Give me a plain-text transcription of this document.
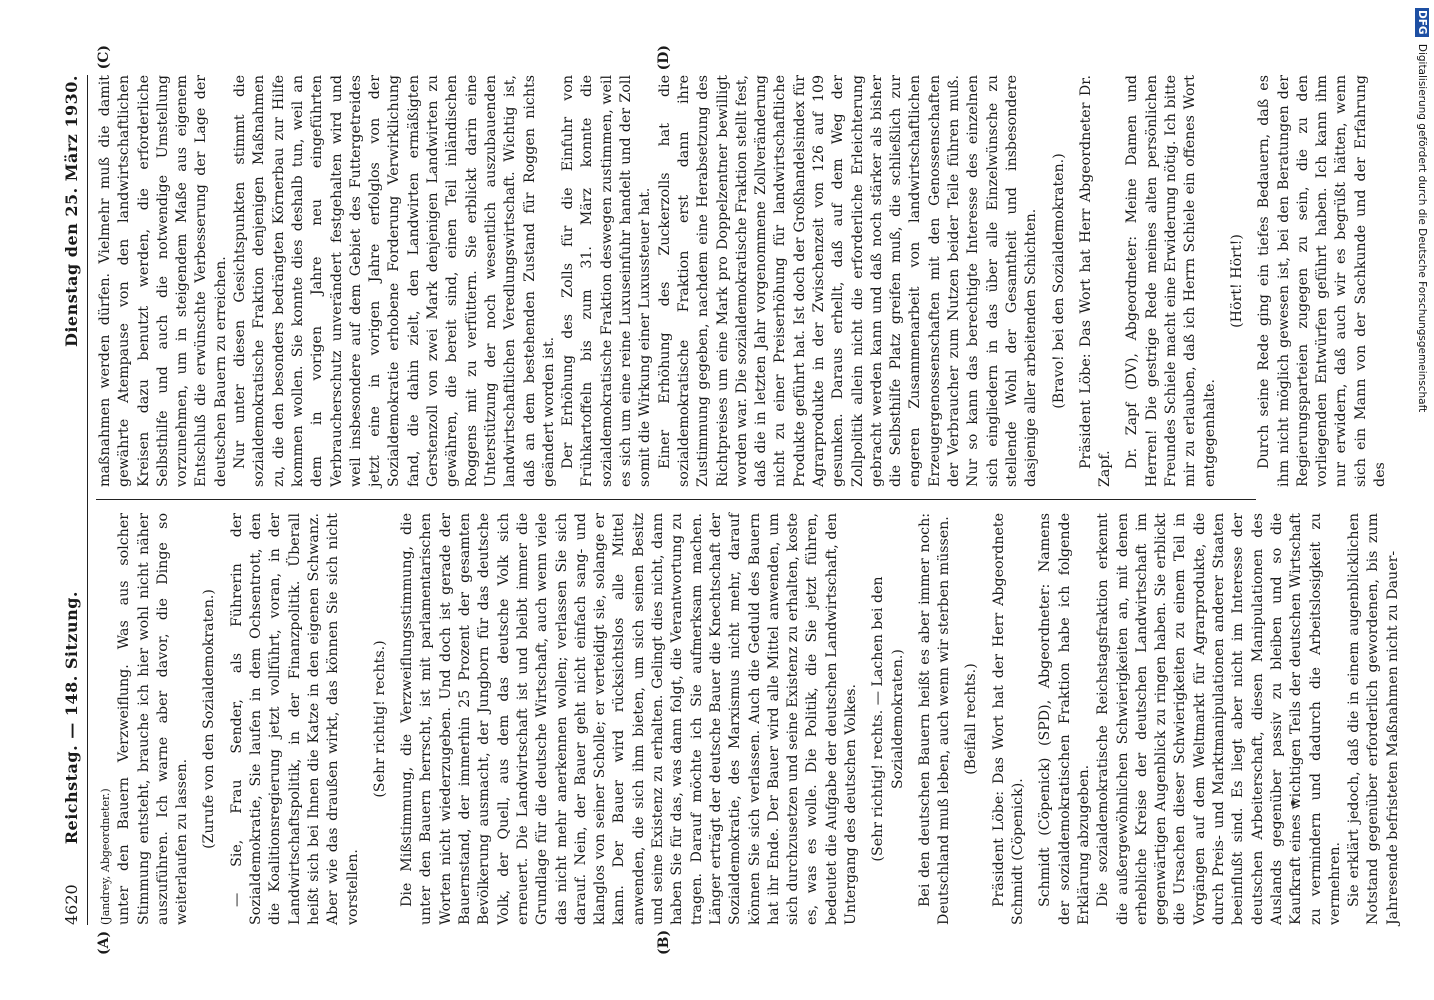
DFG Digitalisierung gefördert durch die Deutsche Forschungsgemeinschaft
4620
Reichstag. — 148. Sitzung.
Dienstag den 25. März 1930.
(A)	(B)
(C)	(D)

(Jandrey, Abgeordneter.) unter den Bauern Verzweiflung. Was aus solcher Stimmung entsteht, brauche ich hier wohl nicht näher auszuführen. Ich warne aber davor, die Dinge so weiterlaufen zu lassen. (Zurufe von den Sozialdemokraten.) — Sie, Frau Sender, als Führerin der Sozialdemokratie, Sie laufen in dem Ochsentrott, den die Koalitionsregierung jetzt vollführt, voran, in der Landwirtschaftspolitik, in der Finanzpolitik. Überall heißt sich bei Ihnen die Katze in den eigenen Schwanz. Aber wie das draußen wirkt, das können Sie sich nicht vorstellen.

(Sehr richtig! rechts.) Die Mißstimmung, die Verzweiflungsstimmung, die unter den Bauern herrscht, ist mit parlamentarischen Worten nicht wiederzugeben. Und doch ist gerade der Bauernstand, der immerhin 25 Prozent der gesamten Bevölkerung ausmacht, der Jungborn für das deutsche Volk, der Quell, aus dem das deutsche Volk sich erneuert. Die Landwirtschaft ist und bleibt immer die Grundlage für die deutsche Wirtschaft, auch wenn viele das nicht mehr anerkennen wollen; verlassen Sie sich darauf. Nein, der Bauer geht nicht einfach sang- und klanglos von seiner Scholle; er verteidigt sie, solange er kann. Der Bauer wird rücksichtslos alle Mittel anwenden, die sich ihm bieten, um sich seinen Besitz und seine Existenz zu erhalten. Gelingt dies nicht, dann haben Sie für das, was dann folgt, die Verantwortung zu tragen. Darauf möchte ich Sie aufmerksam machen. Länger erträgt der deutsche Bauer die Knechtschaft der Sozialdemokratie, des Marxismus nicht mehr, darauf können Sie sich verlassen. Auch die Geduld des Bauern hat ihr Ende. Der Bauer wird alle Mittel anwenden, um sich durchzusetzen und seine Existenz zu erhalten, koste es, was es wolle. Die Politik, die Sie jetzt führen, bedeutet die Aufgabe der deutschen Landwirtschaft, den Untergang des deutschen Volkes. (Sehr richtig! rechts. — Lachen bei den Sozialdemokraten.) Bei den deutschen Bauern heißt es aber immer noch: Deutschland muß leben, auch wenn wir sterben müssen. (Beifall rechts.) Präsident Löbe: Das Wort hat der Herr Abgeordnete Schmidt (Cöpenick). Schmidt (Cöpenick) (SPD), Abgeordneter: Namens der sozialdemokratischen Fraktion habe ich folgende Erklärung abzugeben. Die sozialdemokratische Reichstagsfraktion erkennt die außergewöhnlichen Schwierigkeiten an, mit denen erhebliche Kreise der deutschen Landwirtschaft im gegenwärtigen Augenblick zu ringen haben. Sie erblickt die Ursachen dieser Schwierigkeiten zu einem Teil in Vorgängen auf dem Weltmarkt für Agrarprodukte, die durch Preis- und Marktmanipulationen anderer Staaten beeinflußt sind. Es liegt aber nicht im Interesse der deutschen Arbeiterschaft, diesen Manipulationen des Auslands gegenüber passiv zu bleiben und so die Kaufkraft eines wichtigen Teils der deutschen Wirtschaft zu vermindern und dadurch die Arbeitslosigkeit zu vermehren. Sie erklärt jedoch, daß die in einem augenblicklichen Notstand gegenüber erforderlich gewordenen, bis zum Jahresende befristeten Maßnahmen nicht zu Dauer-

maßnahmen werden dürfen. Vielmehr muß die damit gewährte Atempause von den landwirtschaftlichen Kreisen dazu benutzt werden, die erforderliche Selbsthilfe und auch die notwendige Umstellung vorzunehmen, um in steigendem Maße aus eigenem Entschluß die erwünschte Verbesserung der Lage der deutschen Bauern zu erreichen. Nur unter diesen Gesichtspunkten stimmt die sozialdemokratische Fraktion denjenigen Maßnahmen zu, die den besonders bedrängten Körnerbau zur Hilfe kommen wollen. Sie konnte dies deshalb tun, weil an dem in vorigen Jahre neu eingeführten Verbraucherschutz unverändert festgehalten wird und weil insbesondere auf dem Gebiet des Futtergetreides jetzt eine in vorigen Jahre erfolglos von der Sozialdemokratie erhobene Forderung Verwirklichung fand, die dahin zielt, den Landwirten ermäßigten Gerstenzoll von zwei Mark denjenigen Landwirten zu gewähren, die bereit sind, einen Teil inländischen Roggens mit zu verfüttern. Sie erblickt darin eine Unterstützung der noch wesentlich auszubauenden landwirtschaftlichen Veredlungswirtschaft. Wichtig ist, daß an dem bestehenden Zustand für Roggen nichts geändert worden ist. Der Erhöhung des Zolls für die Einfuhr von Frühkartoffeln bis zum 31. März konnte die sozialdemokratische Fraktion deswegen zustimmen, weil es sich um eine reine Luxuseinfuhr handelt und der Zoll somit die Wirkung einer Luxussteuer hat. Einer Erhöhung des Zuckerzolls hat die sozialdemokratische Fraktion erst dann ihre Zustimmung gegeben, nachdem eine Herabsetzung des Richtpreises um eine Mark pro Doppelzentner bewilligt worden war. Die sozialdemokratische Fraktion stellt fest, daß die in letzten Jahr vorgenommene Zollveränderung nicht zu einer Preiserhöhung für landwirtschaftliche Produkte geführt hat. Ist doch der Großhandelsindex für Agrarprodukte in der Zwischenzeit von 126 auf 109 gesunken. Daraus erhellt, daß auf dem Weg der Zollpolitik allein nicht die erforderliche Erleichterung gebracht werden kann und daß noch stärker als bisher die Selbsthilfe Platz greifen muß, die schließlich zur engeren Zusammenarbeit von landwirtschaftlichen Erzeugergenossenschaften mit den Genossenschaften der Verbraucher zum Nutzen beider Teile führen muß. Nur so kann das berechtigte Interesse des einzelnen sich eingliedern in das über alle Einzelwünsche zu stellende Wohl der Gesamtheit und insbesondere dasjenige aller arbeitenden Schichten. (Bravo! bei den Sozialdemokraten.) Präsident Löbe: Das Wort hat Herr Abgeordneter Dr. Zapf. Dr. Zapf (DV), Abgeordneter: Meine Damen und Herren! Die gestrige Rede meines alten persönlichen Freundes Schiele macht eine Erwiderung nötig. Ich bitte mir zu erlauben, daß ich Herrn Schiele ein offenes Wort entgegenhalte.

(Hört! Hört!) Durch seine Rede ging ein tiefes Bedauern, daß es ihm nicht möglich gewesen ist, bei den Beratungen der Regierungsparteien zugegen zu sein, die zu den vorliegenden Entwürfen geführt haben. Ich kann ihm nur erwidern, daß auch wir es begrüßt hätten, wenn sich ein Mann von der Sachkunde und der Erfahrung des
